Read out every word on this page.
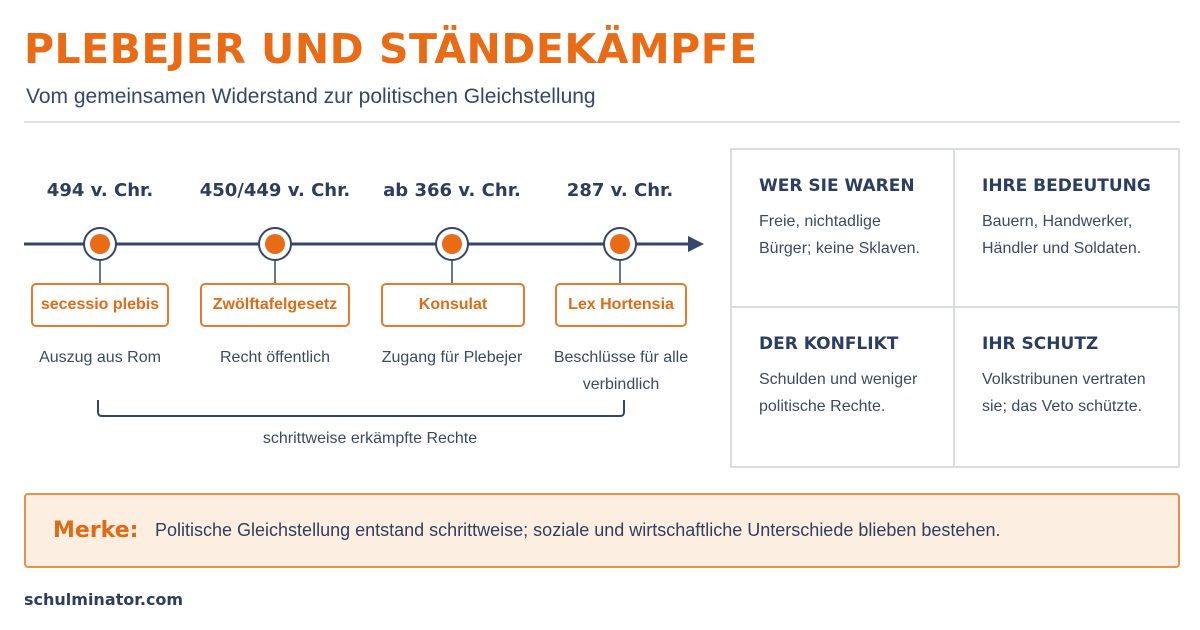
PLEBEJER UND STÄNDEKÄMPFE
Vom gemeinsamen Widerstand zur politischen Gleichstellung
494 v. Chr.	450/449 v. Chr.	ab 366 v. Chr.	287 v. Chr.
secessio plebis	Zwölftafelgesetz	Konsulat	Lex Hortensia
Auszug aus Rom	Recht öffentlich	Zugang für Plebejer	Beschlüsse für alle verbindlich
schrittweise erkämpfte Rechte
WER SIE WAREN
Freie, nichtadlige Bürger; keine Sklaven.
IHRE BEDEUTUNG
Bauern, Handwerker, Händler und Soldaten.
DER KONFLIKT
Schulden und weniger politische Rechte.
IHR SCHUTZ
Volkstribunen vertraten sie; das Veto schützte.
Merke: Politische Gleichstellung entstand schrittweise; soziale und wirtschaftliche Unterschiede blieben bestehen.
schulminator.com
